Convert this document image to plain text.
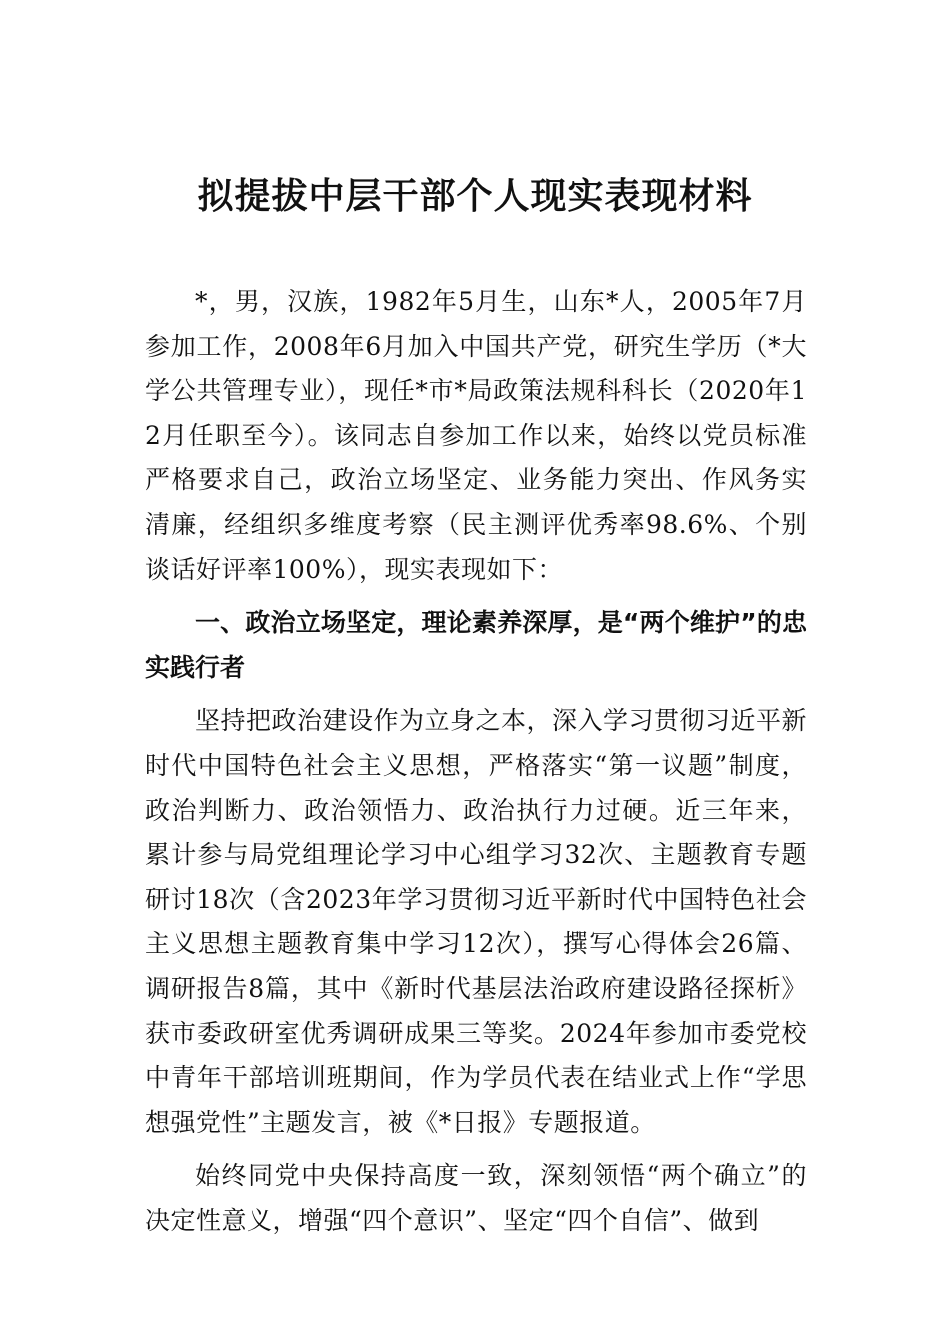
拟提拔中层干部个人现实表现材料

*，男，汉族，1982年5月生，山东*人，2005年7月参加工作，2008年6月加入中国共产党，研究生学历（*大学公共管理专业），现任*市*局政策法规科科长（2020年12月任职至今）。该同志自参加工作以来，始终以党员标准严格要求自己，政治立场坚定、业务能力突出、作风务实清廉，经组织多维度考察（民主测评优秀率98.6%、个别谈话好评率100%），现实表现如下：

一、政治立场坚定，理论素养深厚，是“两个维护”的忠实践行者

坚持把政治建设作为立身之本，深入学习贯彻习近平新时代中国特色社会主义思想，严格落实“第一议题”制度，政治判断力、政治领悟力、政治执行力过硬。近三年来，累计参与局党组理论学习中心组学习32次、主题教育专题研讨18次（含2023年学习贯彻习近平新时代中国特色社会主义思想主题教育集中学习12次），撰写心得体会26篇、调研报告8篇，其中《新时代基层法治政府建设路径探析》获市委政研室优秀调研成果三等奖。2024年参加市委党校中青年干部培训班期间，作为学员代表在结业式上作“学思想强党性”主题发言，被《*日报》专题报道。

始终同党中央保持高度一致，深刻领悟“两个确立”的决定性意义，增强“四个意识”、坚定“四个自信”、做到
